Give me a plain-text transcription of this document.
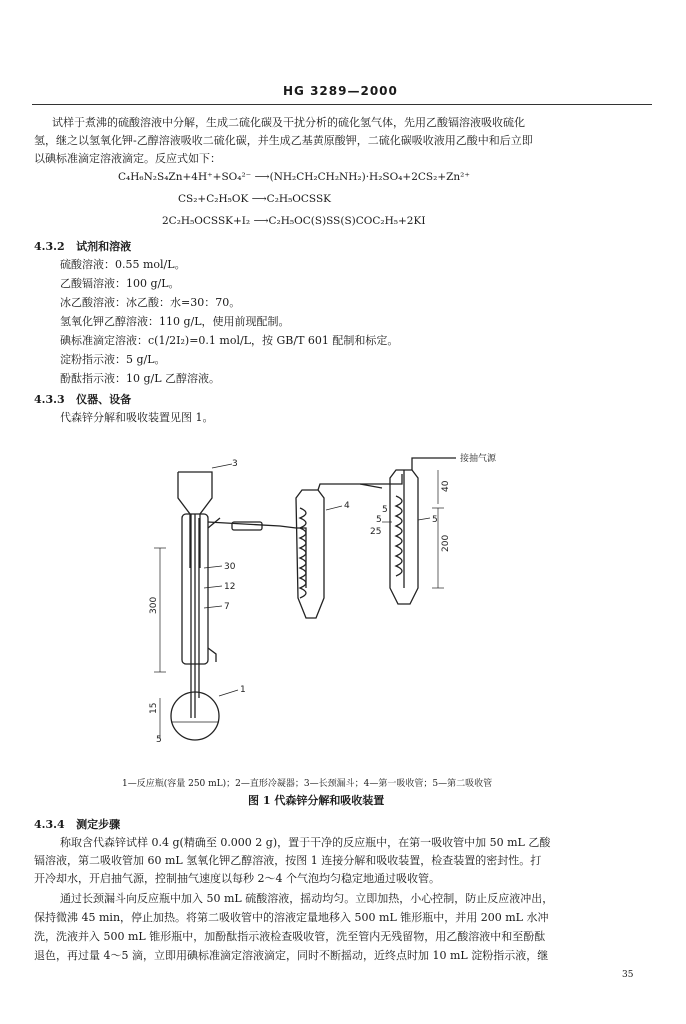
HG 3289—2000
试样于煮沸的硫酸溶液中分解，生成二硫化碳及干扰分析的硫化氢气体，先用乙酸镉溶液吸收硫化
氢，继之以氢氧化钾-乙醇溶液吸收二硫化碳，并生成乙基黄原酸钾，二硫化碳吸收液用乙酸中和后立即
以碘标准滴定溶液滴定。反应式如下：
C₄H₆N₂S₄Zn+4H⁺+SO₄²⁻ ⟶(NH₂CH₂CH₂NH₂)·H₂SO₄+2CS₂+Zn²⁺
CS₂+C₂H₅OK ⟶C₂H₅OCSSK
2C₂H₅OCSSK+I₂ ⟶C₂H₅OC(S)SS(S)COC₂H₅+2KI
4.3.2 试剂和溶液
硫酸溶液：0.55 mol/L。
乙酸镉溶液：100 g/L。
冰乙酸溶液：冰乙酸：水=30：70。
氢氧化钾乙醇溶液：110 g/L，使用前现配制。
碘标准滴定溶液：c(1/2I₂)=0.1 mol/L，按 GB/T 601 配制和标定。
淀粉指示液：5 g/L。
酚酞指示液：10 g/L 乙醇溶液。
4.3.3 仪器、设备
代森锌分解和吸收装置见图 1。
3
4
1
30
12
7
300
40
200
15
5
5	5
25
5
接抽气源
1—反应瓶(容量 250 mL)；2—直形冷凝器；3—长颈漏斗；4—第一吸收管；5—第二吸收管
图 1 代森锌分解和吸收装置
4.3.4 测定步骤
称取含代森锌试样 0.4 g(精确至 0.000 2 g)，置于干净的反应瓶中，在第一吸收管中加 50 mL 乙酸
镉溶液，第二吸收管加 60 mL 氢氧化钾乙醇溶液，按图 1 连接分解和吸收装置，检查装置的密封性。打
开冷却水，开启抽气源，控制抽气速度以每秒 2～4 个气泡均匀稳定地通过吸收管。
通过长颈漏斗向反应瓶中加入 50 mL 硫酸溶液，摇动均匀。立即加热，小心控制，防止反应液冲出，
保持微沸 45 min，停止加热。将第二吸收管中的溶液定量地移入 500 mL 锥形瓶中，并用 200 mL 水冲
洗，洗液并入 500 mL 锥形瓶中，加酚酞指示液检查吸收管，洗至管内无残留物，用乙酸溶液中和至酚酞
退色，再过量 4～5 滴，立即用碘标准滴定溶液滴定，同时不断摇动，近终点时加 10 mL 淀粉指示液，继
35
